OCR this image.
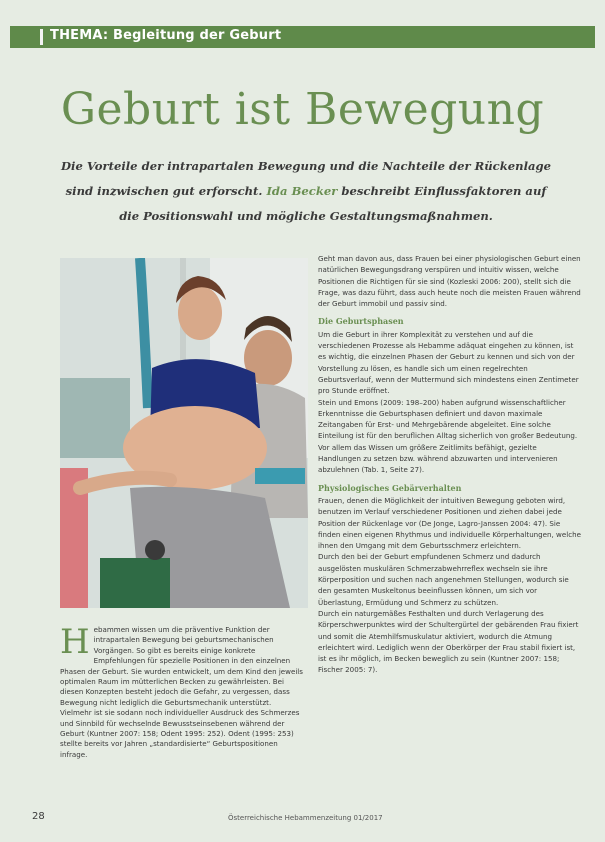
THEMA: Begleitung der Geburt
Geburt ist Bewegung
Die Vorteile der intrapartalen Bewegung und die Nachteile der Rückenlage sind inzwischen gut erforscht. Ida Becker beschreibt Einflussfaktoren auf die Positionswahl und mögliche Gestaltungsmaßnahmen.

Geht man davon aus, dass Frauen bei einer physiologischen Geburt einen natürlichen Bewegungsdrang verspüren und intuitiv wissen, welche Positionen die Richtigen für sie sind (Kozleski 2006: 200), stellt sich die Frage, was dazu führt, dass auch heute noch die meisten Frauen während der Geburt immobil und passiv sind.

Die Geburtsphasen

Um die Geburt in ihrer Komplexität zu verstehen und auf die verschiedenen Prozesse als Hebamme adäquat eingehen zu können, ist es wichtig, die einzelnen Phasen der Geburt zu kennen und sich von der Vorstellung zu lösen, es handle sich um einen regelrechten Geburtsverlauf, wenn der Muttermund sich mindestens einen Zentimeter pro Stunde eröffnet.

Stein und Emons (2009: 198–200) haben aufgrund wissenschaftlicher Erkenntnisse die Geburtsphasen definiert und davon maximale Zeitangaben für Erst- und Mehrgebärende abgeleitet. Eine solche Einteilung ist für den beruflichen Alltag sicherlich von großer Bedeutung. Vor allem das Wissen um größere Zeitlimits befähigt, gezielte Handlungen zu setzen bzw. während abzuwarten und intervenieren abzulehnen (Tab. 1, Seite 27).

Physiologisches Gebärverhalten

Frauen, denen die Möglichkeit der intuitiven Bewegung geboten wird, benutzen im Verlauf verschiedener Positionen und ziehen dabei jede Position der Rückenlage vor (De Jonge, Lagro-Janssen 2004: 47). Sie finden einen eigenen Rhythmus und individuelle Körperhaltungen, welche ihnen den Umgang mit dem Geburtsschmerz erleichtern.

Durch den bei der Geburt empfundenen Schmerz und dadurch ausgelösten muskulären Schmerzabwehrreflex wechseln sie ihre Körperposition und suchen nach angenehmen Stellungen, wodurch sie den gesamten Muskeltonus beeinflussen können, um sich vor Überlastung, Ermüdung und Schmerz zu schützen.

Durch ein naturgemäßes Festhalten und durch Verlagerung des Körperschwerpunktes wird der Schultergürtel der gebärenden Frau fixiert und somit die Atemhilfsmuskulatur aktiviert, wodurch die Atmung erleichtert wird. Lediglich wenn der Oberkörper der Frau stabil fixiert ist, ist es ihr möglich, im Becken beweglich zu sein (Kuntner 2007: 158; Fischer 2005: 7).

H ebammen wissen um die präventive Funktion der intrapartalen Bewegung bei geburtsmechanischen Vorgängen. So gibt es bereits einige konkrete Empfehlungen für spezielle Positionen in den einzelnen Phasen der Geburt. Sie wurden entwickelt, um dem Kind den jeweils optimalen Raum im mütterlichen Becken zu gewährleisten. Bei diesen Konzepten besteht jedoch die Gefahr, zu vergessen, dass Bewegung nicht lediglich die Geburtsmechanik unterstützt. Vielmehr ist sie sodann noch individueller Ausdruck des Schmerzes und Sinnbild für wechselnde Bewusstseinsebenen während der Geburt (Kuntner 2007: 158; Odent 1995: 252). Odent (1995: 253) stellte bereits vor Jahren „standardisierte“ Geburtspositionen infrage.

28	Österreichische Hebammenzeitung 01/2017
